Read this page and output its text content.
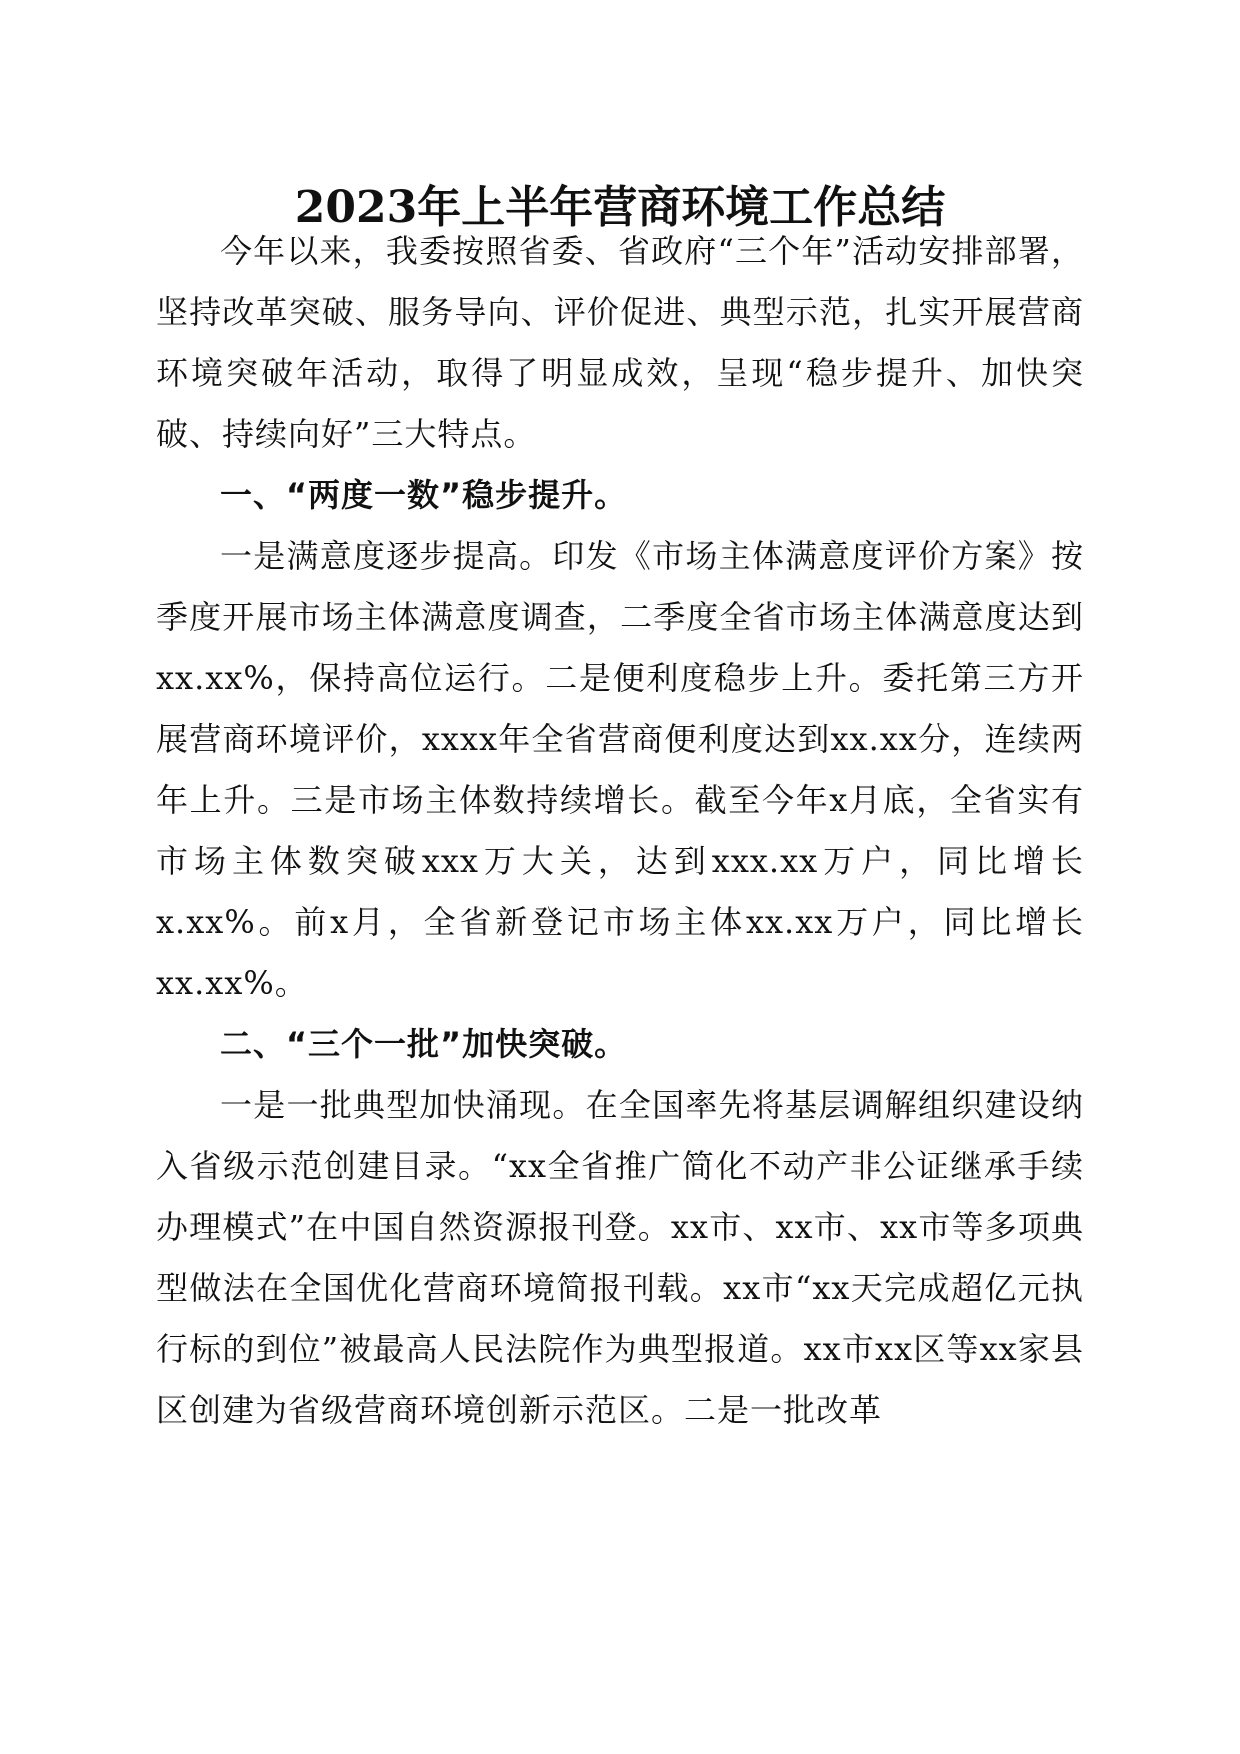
2023年上半年营商环境工作总结

今年以来，我委按照省委、省政府“三个年”活动安排部署，坚持改革突破、服务导向、评价促进、典型示范，扎实开展营商环境突破年活动，取得了明显成效，呈现“稳步提升、加快突破、持续向好”三大特点。

一、“两度一数”稳步提升。

一是满意度逐步提高。印发《市场主体满意度评价方案》按季度开展市场主体满意度调查，二季度全省市场主体满意度达到xx.xx%，保持高位运行。二是便利度稳步上升。委托第三方开展营商环境评价，xxxx年全省营商便利度达到xx.xx分，连续两年上升。三是市场主体数持续增长。截至今年x月底，全省实有市场主体数突破xxx万大关，达到xxx.xx万户，同比增长x.xx%。前x月，全省新登记市场主体xx.xx万户，同比增长xx.xx%。

二、“三个一批”加快突破。

一是一批典型加快涌现。在全国率先将基层调解组织建设纳入省级示范创建目录。“xx全省推广简化不动产非公证继承手续办理模式”在中国自然资源报刊登。xx市、xx市、xx市等多项典型做法在全国优化营商环境简报刊载。xx市“xx天完成超亿元执行标的到位”被最高人民法院作为典型报道。xx市xx区等xx家县区创建为省级营商环境创新示范区。二是一批改革
